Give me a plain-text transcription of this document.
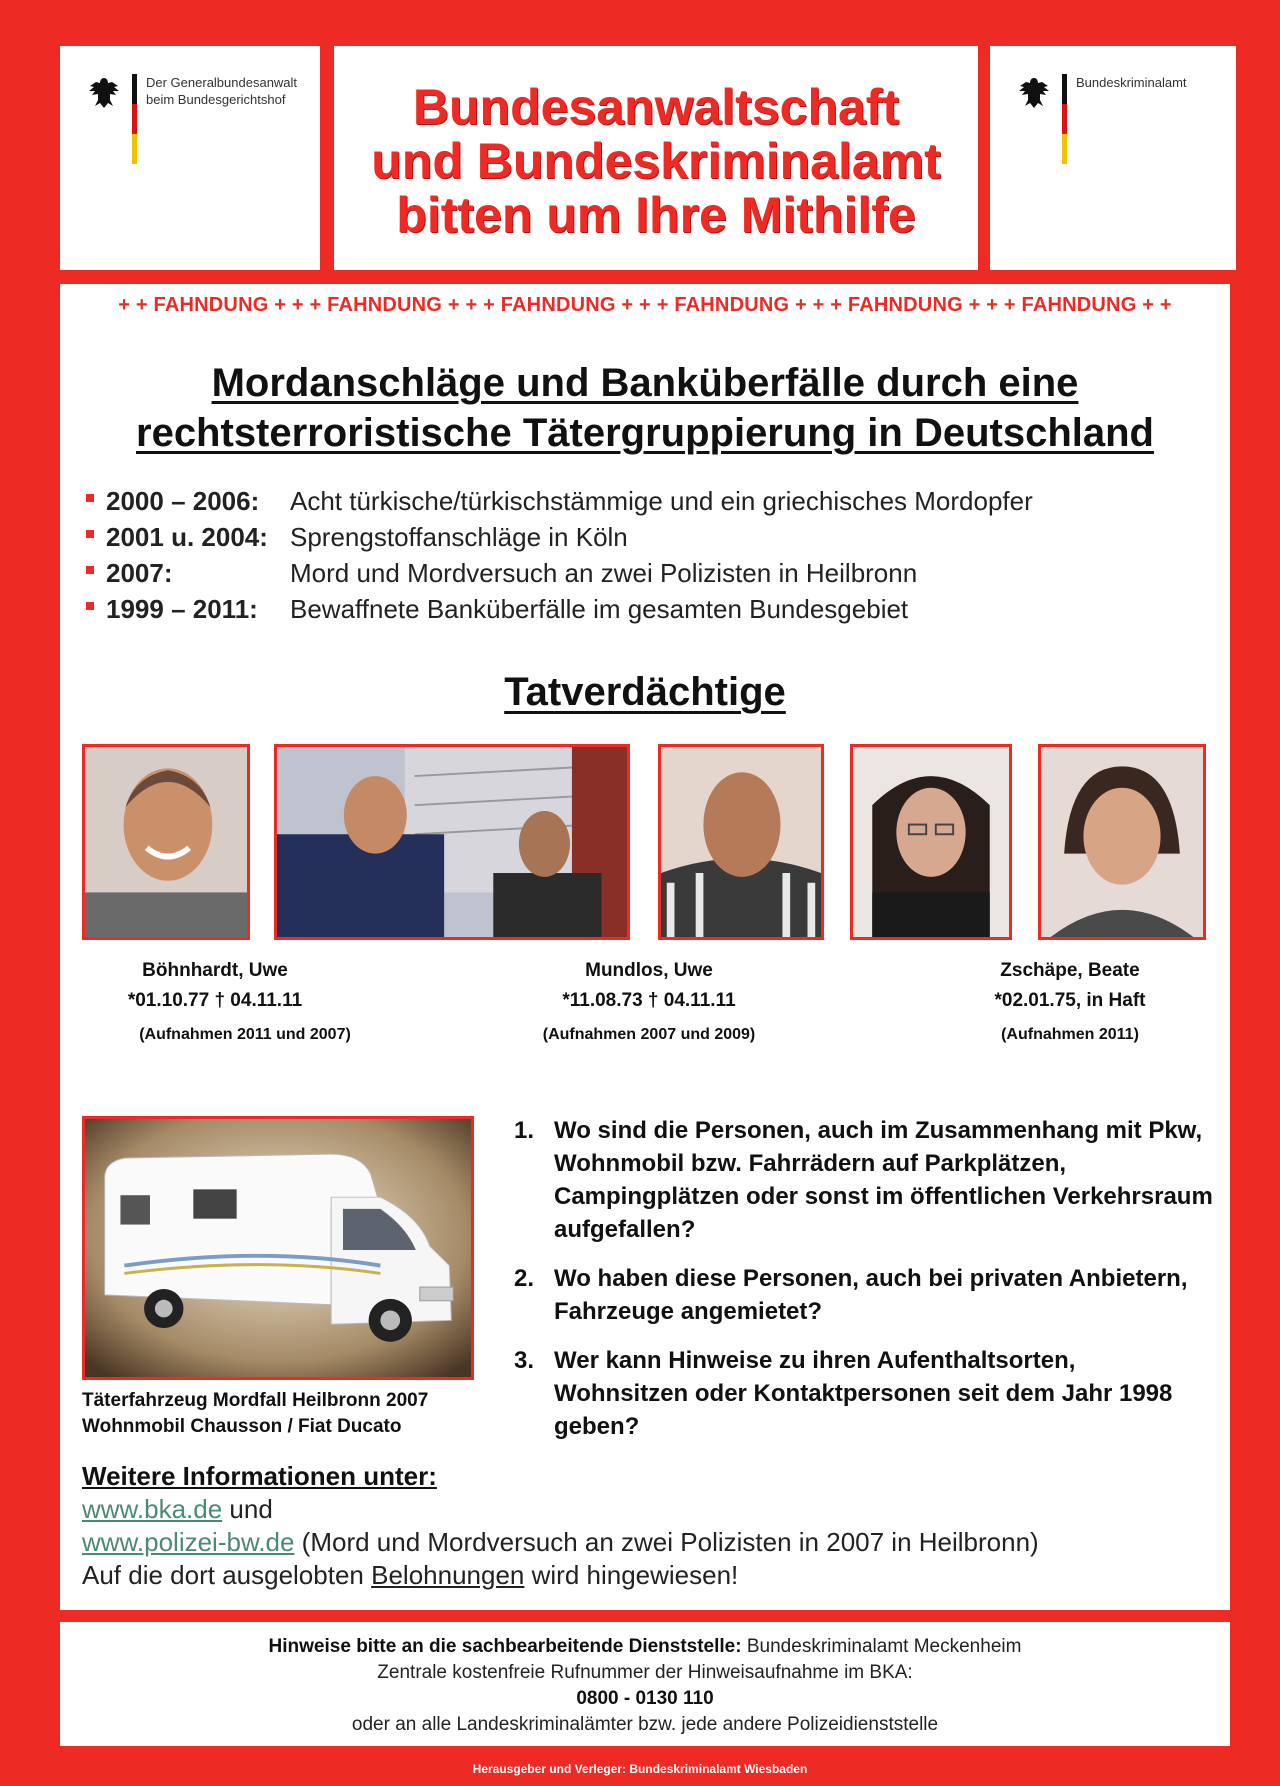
Der Generalbundesanwalt
beim Bundesgerichtshof	Bundesanwaltschaft
und Bundeskriminalamt
bitten um Ihre Mithilfe
Bundeskriminalamt
+ + FAHNDUNG + + + FAHNDUNG + + + FAHNDUNG + + + FAHNDUNG + + + FAHNDUNG + + + FAHNDUNG + +
Mordanschläge und Banküberfälle durch eine
rechtsterroristische Tätergruppierung in Deutschland
2000 – 2006: Acht türkische/türkischstämmige und ein griechisches Mordopfer
2001 u. 2004: Sprengstoffanschläge in Köln
2007:	Mord und Mordversuch an zwei Polizisten in Heilbronn
1999 – 2011: Bewaffnete Banküberfälle im gesamten Bundesgebiet
Tatverdächtige
Böhnhardt, Uwe
*01.10.77 † 04.11.11
(Aufnahmen 2011 und 2007)
Mundlos, Uwe
*11.08.73 † 04.11.11
(Aufnahmen 2007 und 2009)
Zschäpe, Beate
*02.01.75, in Haft
(Aufnahmen 2011)
Täterfahrzeug Mordfall Heilbronn 2007
Wohnmobil Chausson / Fiat Ducato
1. Wo sind die Personen, auch im Zusammenhang mit Pkw, Wohnmobil bzw. Fahrrädern auf Parkplätzen, Campingplätzen oder sonst im öffentlichen Verkehrsraum aufgefallen?
2. Wo haben diese Personen, auch bei privaten Anbietern, Fahrzeuge angemietet?
3. Wer kann Hinweise zu ihren Aufenthaltsorten, Wohnsitzen oder Kontaktpersonen seit dem Jahr 1998 geben?
Weitere Informationen unter:
www.bka.de und
www.polizei-bw.de (Mord und Mordversuch an zwei Polizisten in 2007 in Heilbronn)
Auf die dort ausgelobten Belohnungen wird hingewiesen!
Hinweise bitte an die sachbearbeitende Dienststelle: Bundeskriminalamt Meckenheim
Zentrale kostenfreie Rufnummer der Hinweisaufnahme im BKA:
0800 - 0130 110
oder an alle Landeskriminalämter bzw. jede andere Polizeidienststelle
Herausgeber und Verleger: Bundeskriminalamt Wiesbaden
